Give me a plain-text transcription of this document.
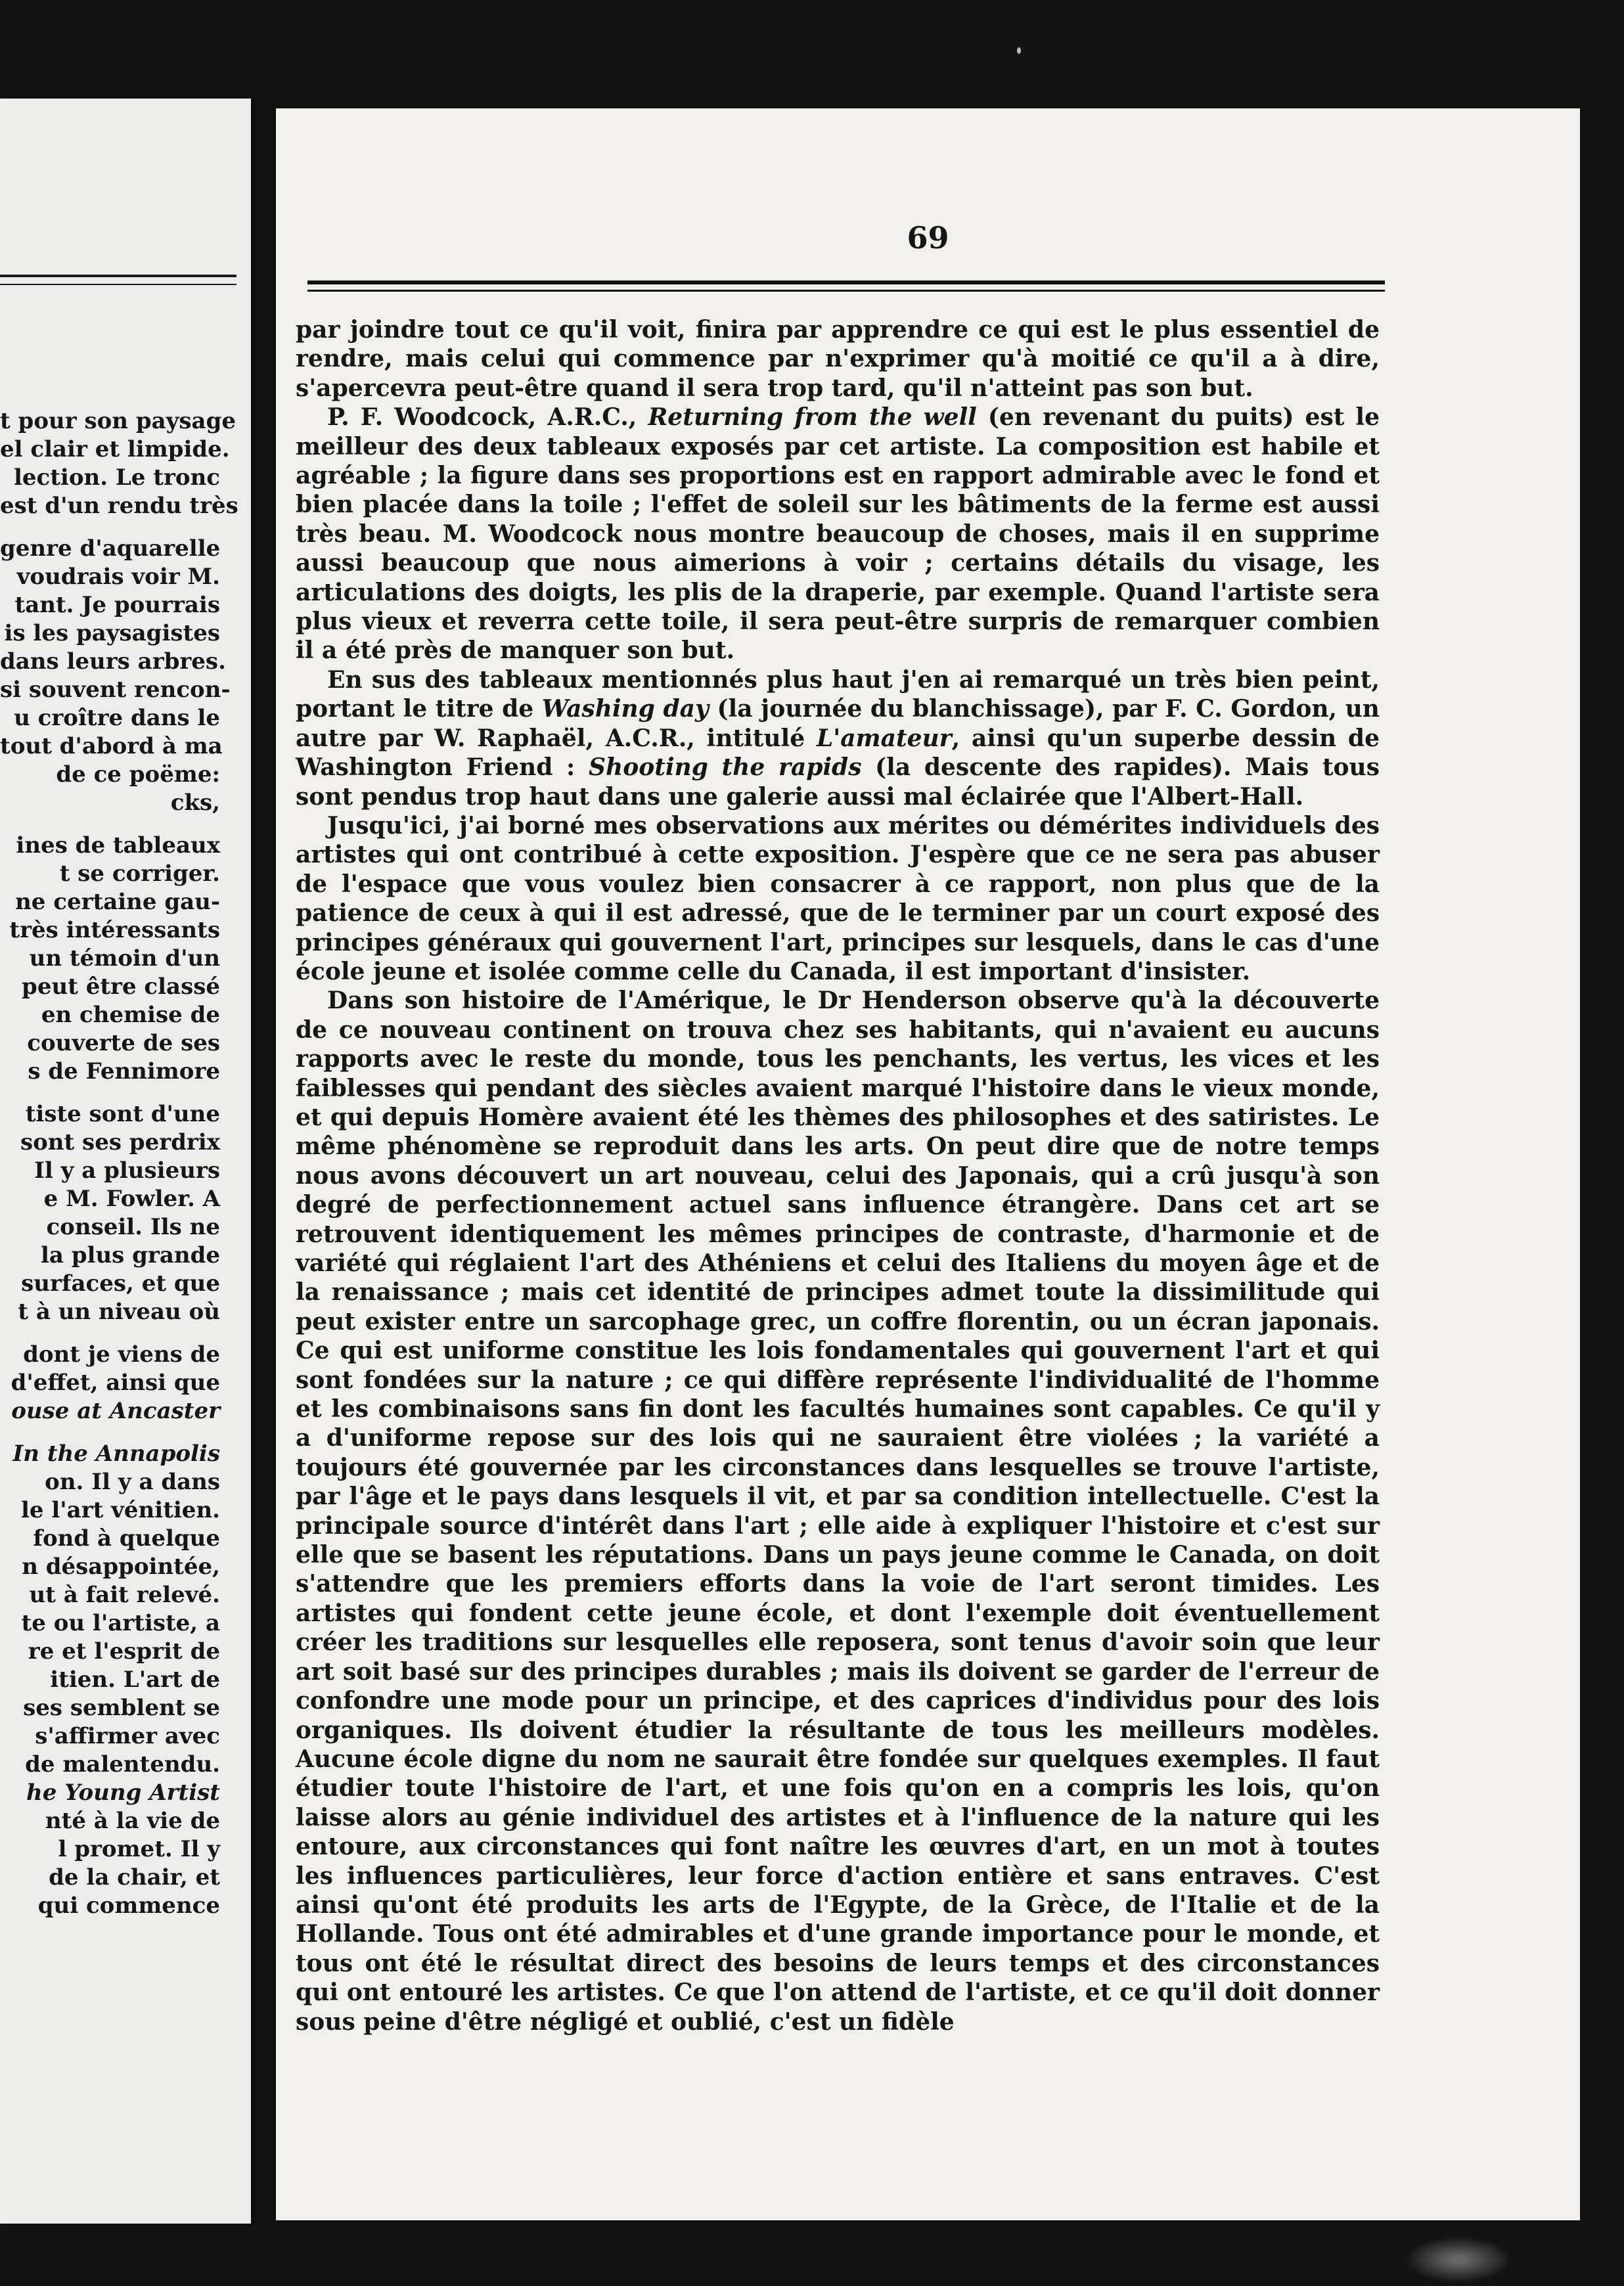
t pour son paysage
el clair et limpide.
lection. Le tronc
est d'un rendu très
genre d'aquarelle
voudrais voir M.
tant. Je pourrais
is les paysagistes
dans leurs arbres.
si souvent rencon-
u croître dans le
tout d'abord à ma
de ce poëme:
cks,
ines de tableaux
t se corriger.
ne certaine gau-
très intéressants
un témoin d'un
peut être classé
en chemise de
couverte de ses
s de Fennimore
tiste sont d'une
sont ses perdrix
Il y a plusieurs
e M. Fowler. A
conseil. Ils ne
la plus grande
surfaces, et que
t à un niveau où
dont je viens de
d'effet, ainsi que
ouse at Ancaster
In the Annapolis
on. Il y a dans
le l'art vénitien.
fond à quelque
n désappointée,
ut à fait relevé.
te ou l'artiste, a
re et l'esprit de
itien. L'art de
ses semblent se
s'affirmer avec
de malentendu.
he Young Artist
nté à la vie de
l promet. Il y
de la chair, et
qui commence
69

par joindre tout ce qu'il voit, finira par apprendre ce qui est le plus essentiel de rendre, mais celui qui commence par n'exprimer qu'à moitié ce qu'il a à dire, s'apercevra peut-être quand il sera trop tard, qu'il n'atteint pas son but.

P. F. Woodcock, A.R.C., Returning from the well (en revenant du puits) est le meilleur des deux tableaux exposés par cet artiste. La composition est habile et agréable ; la figure dans ses proportions est en rapport admirable avec le fond et bien placée dans la toile ; l'effet de soleil sur les bâtiments de la ferme est aussi très beau. M. Woodcock nous montre beaucoup de choses, mais il en supprime aussi beaucoup que nous aimerions à voir ; certains détails du visage, les articulations des doigts, les plis de la draperie, par exemple. Quand l'artiste sera plus vieux et reverra cette toile, il sera peut-être surpris de remarquer combien il a été près de manquer son but.

En sus des tableaux mentionnés plus haut j'en ai remarqué un très bien peint, portant le titre de Washing day (la journée du blanchissage), par F. C. Gordon, un autre par W. Raphaël, A.C.R., intitulé L'amateur, ainsi qu'un superbe dessin de Washington Friend : Shooting the rapids (la descente des rapides). Mais tous sont pendus trop haut dans une galerie aussi mal éclairée que l'Albert-Hall.

Jusqu'ici, j'ai borné mes observations aux mérites ou démérites individuels des artistes qui ont contribué à cette exposition. J'espère que ce ne sera pas abuser de l'espace que vous voulez bien consacrer à ce rapport, non plus que de la patience de ceux à qui il est adressé, que de le terminer par un court exposé des principes généraux qui gouvernent l'art, principes sur lesquels, dans le cas d'une école jeune et isolée comme celle du Canada, il est important d'insister.

Dans son histoire de l'Amérique, le Dr Henderson observe qu'à la découverte de ce nouveau continent on trouva chez ses habitants, qui n'avaient eu aucuns rapports avec le reste du monde, tous les penchants, les vertus, les vices et les faiblesses qui pendant des siècles avaient marqué l'histoire dans le vieux monde, et qui depuis Homère avaient été les thèmes des philosophes et des satiristes. Le même phénomène se reproduit dans les arts. On peut dire que de notre temps nous avons découvert un art nouveau, celui des Japonais, qui a crû jusqu'à son degré de perfectionnement actuel sans influence étrangère. Dans cet art se retrouvent identiquement les mêmes principes de contraste, d'harmonie et de variété qui réglaient l'art des Athéniens et celui des Italiens du moyen âge et de la renaissance ; mais cet identité de principes admet toute la dissimilitude qui peut exister entre un sarcophage grec, un coffre florentin, ou un écran japonais. Ce qui est uniforme constitue les lois fondamentales qui gouvernent l'art et qui sont fondées sur la nature ; ce qui diffère représente l'individualité de l'homme et les combinaisons sans fin dont les facultés humaines sont capables. Ce qu'il y a d'uniforme repose sur des lois qui ne sauraient être violées ; la variété a toujours été gouvernée par les circonstances dans lesquelles se trouve l'artiste, par l'âge et le pays dans lesquels il vit, et par sa condition intellectuelle. C'est la principale source d'intérêt dans l'art ; elle aide à expliquer l'histoire et c'est sur elle que se basent les réputations. Dans un pays jeune comme le Canada, on doit s'attendre que les premiers efforts dans la voie de l'art seront timides. Les artistes qui fondent cette jeune école, et dont l'exemple doit éventuellement créer les traditions sur lesquelles elle reposera, sont tenus d'avoir soin que leur art soit basé sur des principes durables ; mais ils doivent se garder de l'erreur de confondre une mode pour un principe, et des caprices d'individus pour des lois organiques. Ils doivent étudier la résultante de tous les meilleurs modèles. Aucune école digne du nom ne saurait être fondée sur quelques exemples. Il faut étudier toute l'histoire de l'art, et une fois qu'on en a compris les lois, qu'on laisse alors au génie individuel des artistes et à l'influence de la nature qui les entoure, aux circonstances qui font naître les œuvres d'art, en un mot à toutes les influences particulières, leur force d'action entière et sans entraves. C'est ainsi qu'ont été produits les arts de l'Egypte, de la Grèce, de l'Italie et de la Hollande. Tous ont été admirables et d'une grande importance pour le monde, et tous ont été le résultat direct des besoins de leurs temps et des circonstances qui ont entouré les artistes. Ce que l'on attend de l'artiste, et ce qu'il doit donner sous peine d'être négligé et oublié, c'est un fidèle
